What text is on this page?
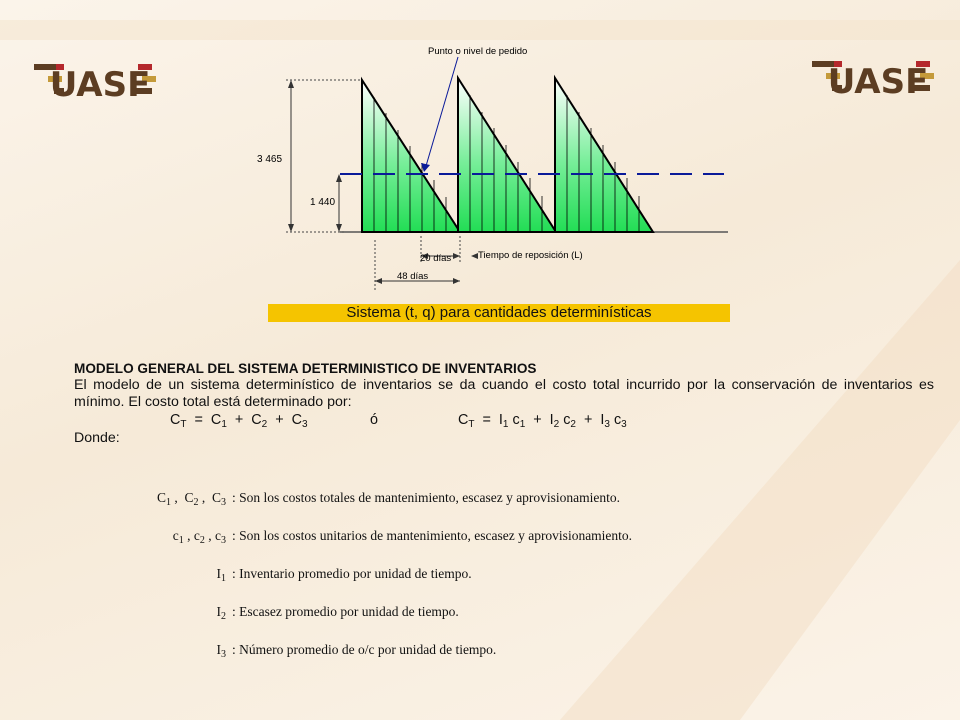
UASF	UASF
Punto o nivel de pedido
3 465
1 440
20 días	Tiempo de reposición (L)
48 días
Sistema (t, q) para cantidades determinísticas
MODELO GENERAL DEL SISTEMA DETERMINISTICO DE INVENTARIOS

El modelo de un sistema determinístico de inventarios se da cuando el costo total incurrido por la conservación de inventarios es mínimo. El costo total está determinado por:

$C_T = C_1 + C_2 + C_3$	ó	$C_T = I_1$ $c_1 + I_2$ $c_2 + I_3$ $c_3$
Donde:
$C_1$ ,  $C_2$ ,  $C_3$ : Son los costos totales de mantenimiento, escasez y aprovisionamiento.
$c_1$ , $c_2$ , $c_3$ : Son los costos unitarios de mantenimiento, escasez y aprovisionamiento.
$I_1$ : Inventario promedio por unidad de tiempo.
$I_2$ : Escasez promedio por unidad de tiempo.
$I_3$ : Número promedio de o/c por unidad de tiempo.
